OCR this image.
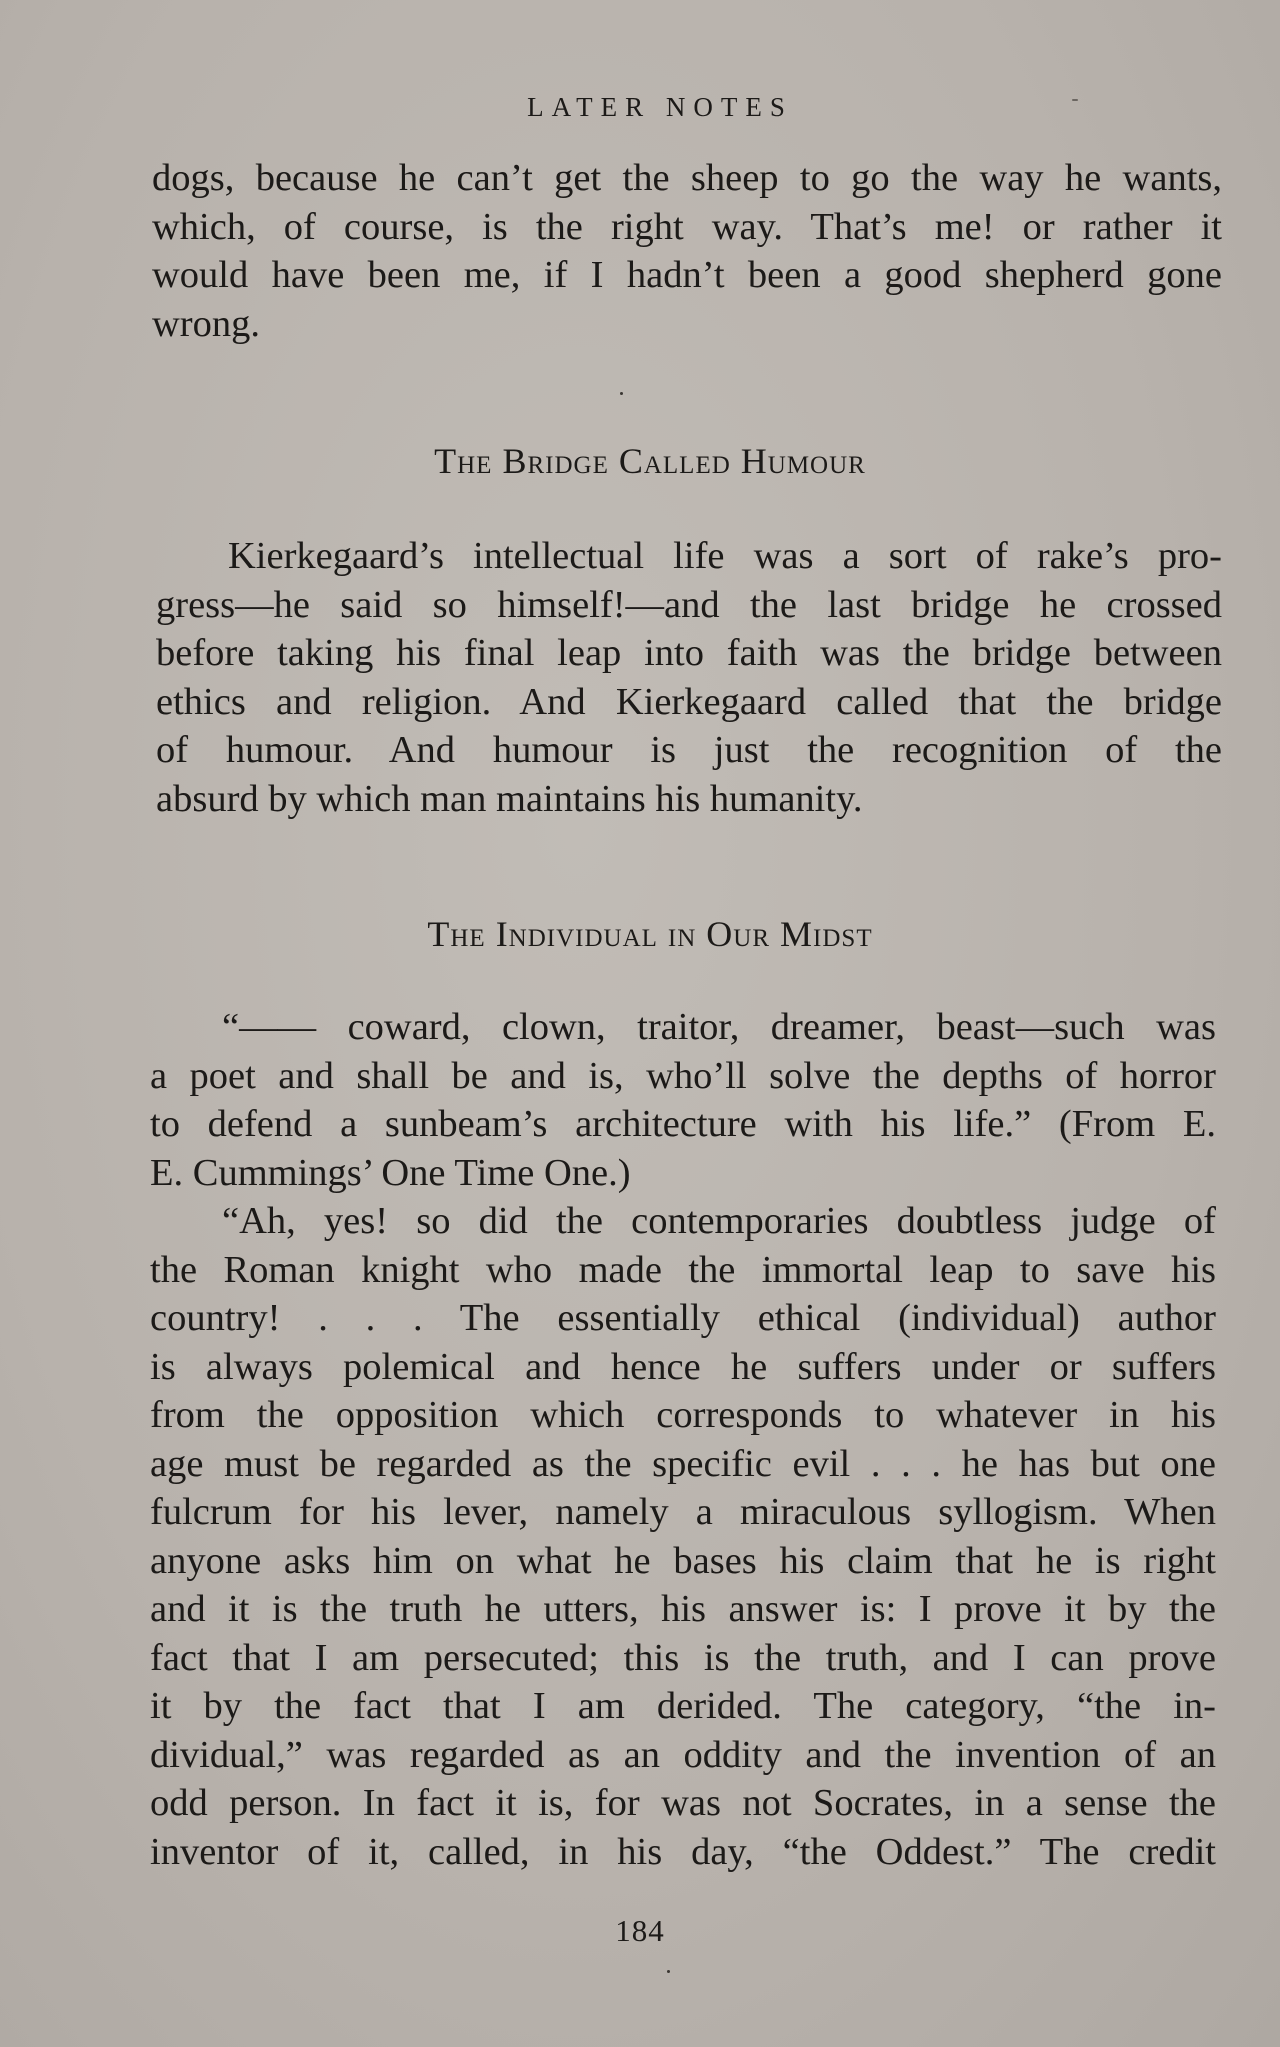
LATER NOTES
dogs, because he can’t get the sheep to go the way he wants,
which, of course, is the right way. That’s me! or rather it
would have been me, if I hadn’t been a good shepherd gone
wrong.
The Bridge Called Humour
Kierkegaard’s intellectual life was a sort of rake’s pro-
gress—he said so himself!—and the last bridge he crossed
before taking his final leap into faith was the bridge between
ethics and religion. And Kierkegaard called that the bridge
of humour. And humour is just the recognition of the
absurd by which man maintains his humanity.
The Individual in Our Midst
“—— coward, clown, traitor, dreamer, beast—such was
a poet and shall be and is, who’ll solve the depths of horror
to defend a sunbeam’s architecture with his life.” (From E.
E. Cummings’ One Time One.)
“Ah, yes! so did the contemporaries doubtless judge of
the Roman knight who made the immortal leap to save his
country! . . . The essentially ethical (individual) author
is always polemical and hence he suffers under or suffers
from the opposition which corresponds to whatever in his
age must be regarded as the specific evil . . . he has but one
fulcrum for his lever, namely a miraculous syllogism. When
anyone asks him on what he bases his claim that he is right
and it is the truth he utters, his answer is: I prove it by the
fact that I am persecuted; this is the truth, and I can prove
it by the fact that I am derided. The category, “the in-
dividual,” was regarded as an oddity and the invention of an
odd person. In fact it is, for was not Socrates, in a sense the
inventor of it, called, in his day, “the Oddest.” The credit
184
